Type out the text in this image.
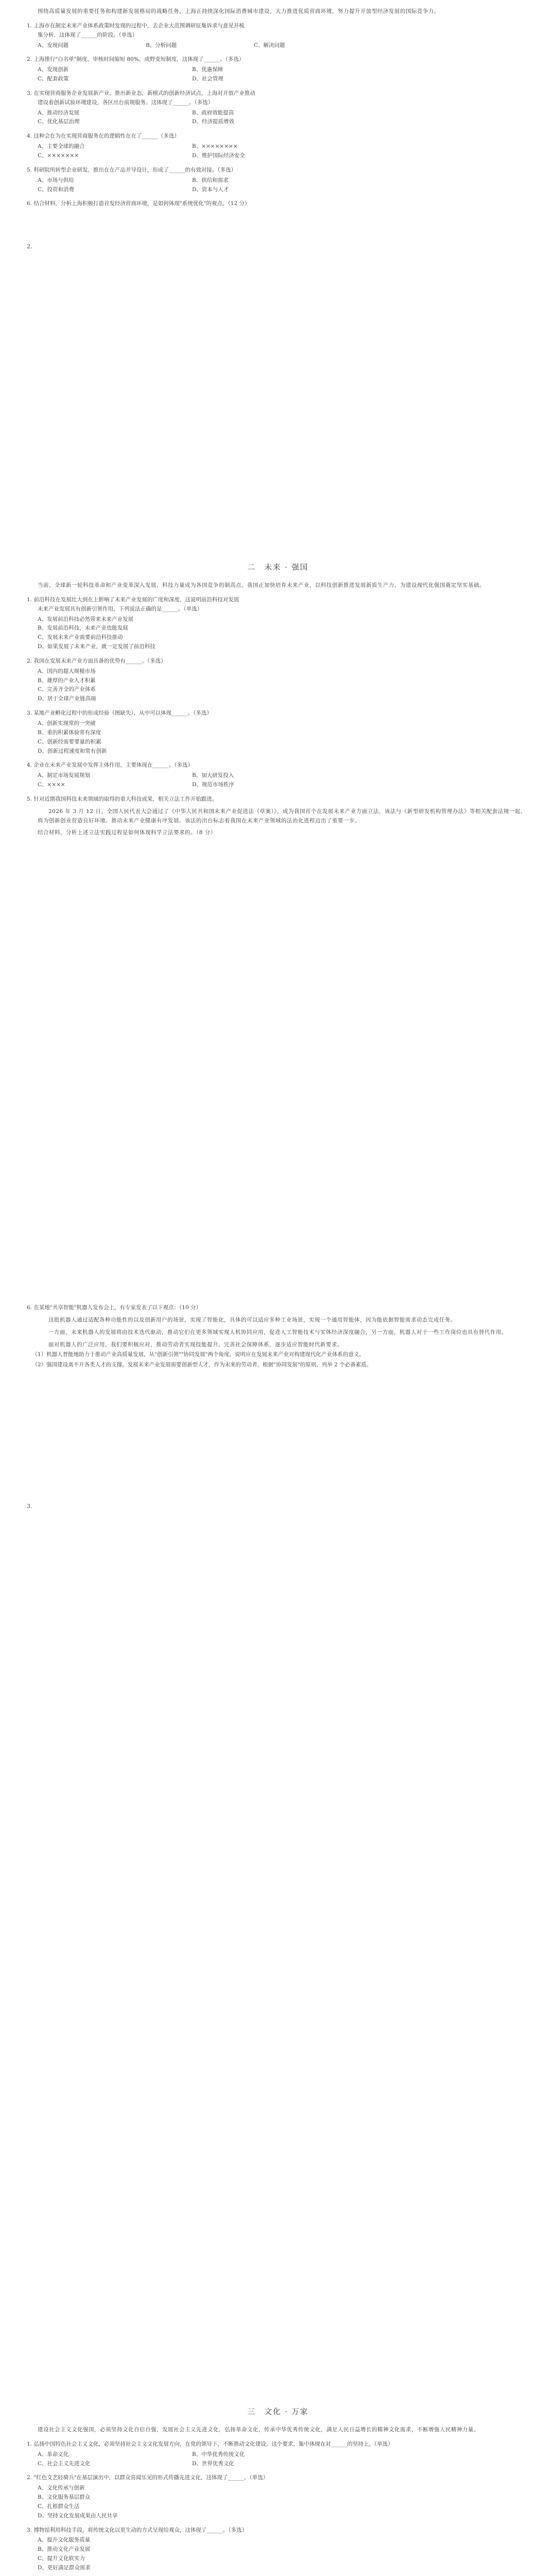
围绕高质量发展的重要任务和构建新发展格局的战略任务，上海正持续深化国际消费城市建设，大力推进优质营商环境，努力提升开放型经济发展的国际竞争力。

1. 上海市在制定未来产业体系政策时发现的过程中，去企业大范围调研征集诉求与意见并梳

集分析，这体现了______的阶段。（单选）

A、发现问题	B、分析问题	C、解决问题

2. 上海推行"白名单"制度，审核时间缩短 80%，成野变短制度，这体现了______。（多选）

A、发现创新	B、优惠保障
C、配套政策	D、社会管理

3. 在实现营商服务企业发展新产业，推出新业态，新模式的创新经济试点，上海对开放产业推动

建设着创新试验环境建设，各区出台前规服务。这体现了______。（多选）

A、推动经济发展	B、政府效能提高
C、优化基层治理	D、经济提质增效

4. 这种会在为在实现营商服务在的逻辑性在在了______（多选）

A、主要全球的融合	B、××××××××
C、×××××××	D、维护国际经济安全

5. 科研院所转型企业研发，推出在在产品并导设计，形成了______的有效对接。（多选）

A、市场与供给	B、供给和需求
C、投资和消费	D、资本与人才

6. 结合材料，分析上海积极打造首发经济营商环境，是如何体现"系统优化"的观点。（12 分）

2.
二　未来 · 强国

当前，全球新一轮科技革命和产业变革深入发展，科技力量成为各国竞争的制高点。我国正加快培育未来产业，以科技创新推进发展新质生产力，为建设现代化强国奠定坚实基础。

1. 前沿科技在发展壮大到在上影响了未来产业发展的广度和深度，这说明前沿科技对发展

未来产业发展具有创新引领作用，下列说法正确的是______。（单选）

A、发展前沿科技必然带来未来产业发展
B、发展前沿科技，未来产业也能发展
C、发展未来产业需要前沿科技推动
D、如果发展了未来产业，就一定发展了前沿科技

2. 我国在发展未来产业方面具备的优势有______。（多选）

A、国内的超大规模市场
B、雄厚的产业人才积累
C、完善齐全的产业体系
D、居于全球产业链高端

3. 某地产业孵化过程中的形成经验（图缺失），从中可以体现______。（多选）

A、创新实现常的一突破
B、重的积累体验常有深度
C、创新经需要要量的积累
D、创新过程速度和常有创新

4. 企业在未来产业发展中发挥主体作用，主要体现在______。（多选）

A、制定市场发展规划	B、加大研发投入
C、××××	D、规范市场秩序

5. 针对近期我国科技未来领域的取得的重大科技成果，相关立法工作开始跟进。

2026 年 3 月 12 日，全国人民代表大会通过了《中华人民共和国未来产业促进法（草案）》，成为我国首个在发展未来产业方面立法，该法与《新型研发机构管理办法》等相关配套法规一起，将为创新创业营造良好环境。推动未来产业健康有序发展。该法的出台标志着我国在未来产业领域的法治化进程迈出了重要一步。

结合材料，分析上述立法实践过程是如何体现科学立法要求的。（8 分）

6. 在某地"共享智能"机器人发布会上，有专家发表了以下观点：（10 分）

这批机器人通过适配各种功能性的以及创新用户的场景，实现了智能化，具体的可以适应多种工业场景，实现一个通用智能体，因为能依据智能需求动态完成任务。

一方面，未来机器人的发展将由技术迭代驱动，推动它们在更多领域实现人机协同应用，促进人工智能技术与实体经济深度融合，另一方面，机器人对于一些工作岗位也具有替代作用。

面对机器人的广泛应用，我们要积极应对，推动劳动者实现技能提升，完善社会保障体系，逐步适应智能时代新要求。

（1）机器人普能地助力于推动产业高质量发展，从"创新引领""协同发展"两个角度，说明应在发展未来产业对构建现代化产业体系的意义。

（2）强国建设离不开各类人才的支撑。发展未来产业发展需要创新型人才，作为未来的劳动者，根据"协同发展"的原则，列举 2 个必备素质。

3.
三　文化 · 万家

建设社会主义文化强国，必须坚持文化自信自强，发展社会主义先进文化，弘扬革命文化，传承中华优秀传统文化，满足人民日益增长的精神文化需求，不断增强人民精神力量。

1. 弘扬中国特色社会主义文化，必须坚持社会主义文化发展方向，在党的领导下，不断推动文化建设。这个要求，集中体现在对______的坚持上。（单选）

A、革命文化	B、中华优秀传统文化
C、社会主义先进文化	D、世界优秀文化

2. "红色文艺轻骑兵"在基层演出中，以群众喜闻乐见的形式传播先进文化，这体现了______。（单选）

A、文化传承与创新
B、文化服务基层群众
C、扎根群众生活
D、坚持文化发展成果由人民共享

3. 博物馆利用科技手段，将传统文化以更生动的方式呈现给观众，这体现了______。（多选）

A、提升文化服务质量
B、推动文化产业发展
C、提升文化软实力
D、更好满足群众需求
